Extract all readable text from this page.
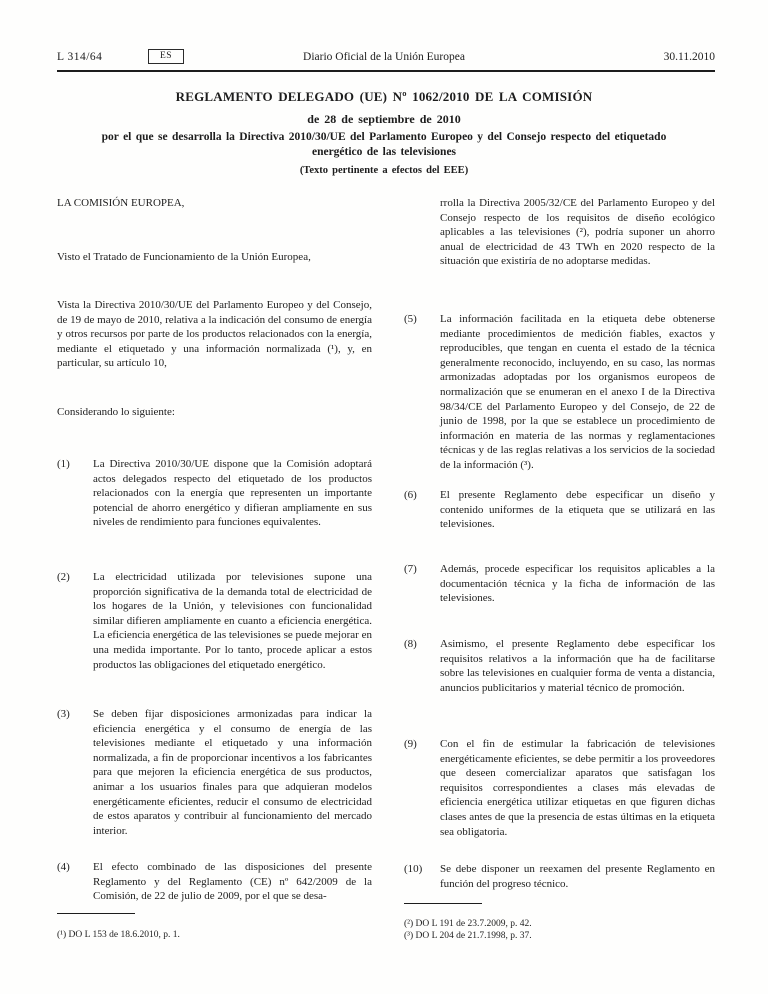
L 314/64	Diario Oficial de la Unión Europea
ES	30.11.2010
REGLAMENTO DELEGADO (UE) Nº 1062/2010 DE LA COMISIÓN
de 28 de septiembre de 2010
por el que se desarrolla la Directiva 2010/30/UE del Parlamento Europeo y del Consejo respecto del etiquetado energético de las televisiones
(Texto pertinente a efectos del EEE)

LA COMISIÓN EUROPEA,

Visto el Tratado de Funcionamiento de la Unión Europea,

Vista la Directiva 2010/30/UE del Parlamento Europeo y del Consejo, de 19 de mayo de 2010, relativa a la indicación del consumo de energía y otros recursos por parte de los productos relacionados con la energía, mediante el etiquetado y una información normalizada (¹), y, en particular, su artículo 10,

Considerando lo siguiente:

(1)	La Directiva 2010/30/UE dispone que la Comisión adoptará actos delegados respecto del etiquetado de los productos relacionados con la energía que representen un importante potencial de ahorro energético y difieran ampliamente en sus niveles de rendimiento para funciones equivalentes.

(2)	La electricidad utilizada por televisiones supone una proporción significativa de la demanda total de electricidad de los hogares de la Unión, y televisiones con funcionalidad similar difieren ampliamente en cuanto a eficiencia energética. La eficiencia energética de las televisiones se puede mejorar en una medida importante. Por lo tanto, procede aplicar a estos productos las obligaciones del etiquetado energético.

(3)	Se deben fijar disposiciones armonizadas para indicar la eficiencia energética y el consumo de energía de las televisiones mediante el etiquetado y una información normalizada, a fin de proporcionar incentivos a los fabricantes para que mejoren la eficiencia energética de sus productos, animar a los usuarios finales para que adquieran modelos energéticamente eficientes, reducir el consumo de electricidad de estos aparatos y contribuir al funcionamiento del mercado interior.

(4)	El efecto combinado de las disposiciones del presente Reglamento y del Reglamento (CE) nº 642/2009 de la Comisión, de 22 de julio de 2009, por el que se desa-

(¹) DO L 153 de 18.6.2010, p. 1.

rrolla la Directiva 2005/32/CE del Parlamento Europeo y del Consejo respecto de los requisitos de diseño ecológico aplicables a las televisiones (²), podría suponer un ahorro anual de electricidad de 43 TWh en 2020 respecto de la situación que existiría de no adoptarse medidas.

(5)	La información facilitada en la etiqueta debe obtenerse mediante procedimientos de medición fiables, exactos y reproducibles, que tengan en cuenta el estado de la técnica generalmente reconocido, incluyendo, en su caso, las normas armonizadas adoptadas por los organismos europeos de normalización que se enumeran en el anexo I de la Directiva 98/34/CE del Parlamento Europeo y del Consejo, de 22 de junio de 1998, por la que se establece un procedimiento de información en materia de las normas y reglamentaciones técnicas y de las reglas relativas a los servicios de la sociedad de la información (³).

(6)	El presente Reglamento debe especificar un diseño y contenido uniformes de la etiqueta que se utilizará en las televisiones.

(7)	Además, procede especificar los requisitos aplicables a la documentación técnica y la ficha de información de las televisiones.

(8)	Asimismo, el presente Reglamento debe especificar los requisitos relativos a la información que ha de facilitarse sobre las televisiones en cualquier forma de venta a distancia, anuncios publicitarios y material técnico de promoción.

(9)	Con el fin de estimular la fabricación de televisiones energéticamente eficientes, se debe permitir a los proveedores que deseen comercializar aparatos que satisfagan los requisitos correspondientes a clases más elevadas de eficiencia energética utilizar etiquetas en que figuren dichas clases antes de que la presencia de estas últimas en la etiqueta sea obligatoria.

(10)	Se debe disponer un reexamen del presente Reglamento en función del progreso técnico.

(²) DO L 191 de 23.7.2009, p. 42.

(³) DO L 204 de 21.7.1998, p. 37.
